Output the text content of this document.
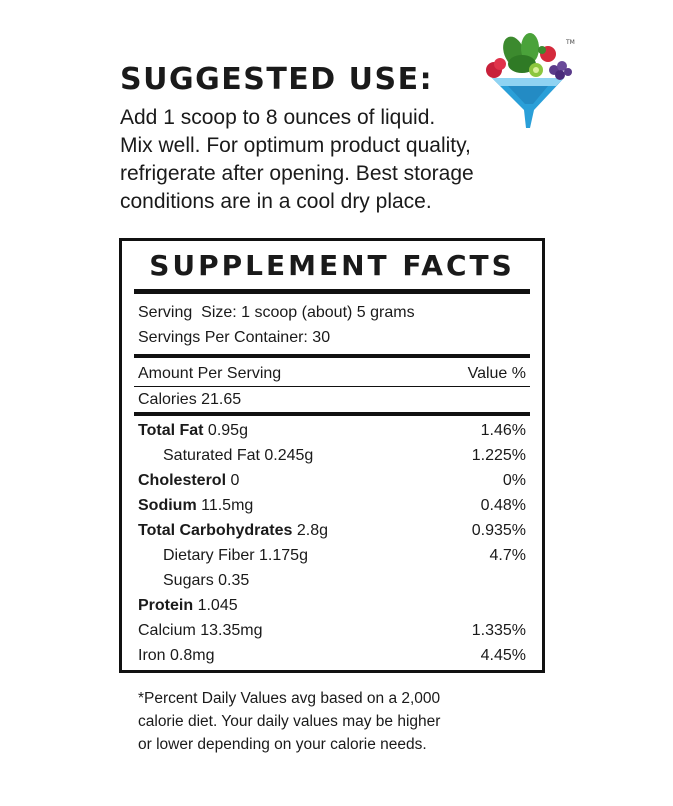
SUGGESTED USE:
Add 1 scoop to 8 ounces of liquid.
Mix well. For optimum product quality,
refrigerate after opening. Best storage
conditions are in a cool dry place.
TM
SUPPLEMENT FACTS
Serving  Size: 1 scoop (about) 5 grams
Servings Per Container: 30
Amount Per Serving	Value %
Calories 21.65
Total Fat 0.95g	1.46%
Saturated Fat 0.245g	1.225%
Cholesterol 0	0%
Sodium 11.5mg	0.48%
Total Carbohydrates 2.8g	0.935%
Dietary Fiber 1.175g	4.7%
Sugars 0.35
Protein 1.045
Calcium 13.35mg	1.335%
Iron 0.8mg	4.45%
*Percent Daily Values avg based on a 2,000
calorie diet. Your daily values may be higher
or lower depending on your calorie needs.
